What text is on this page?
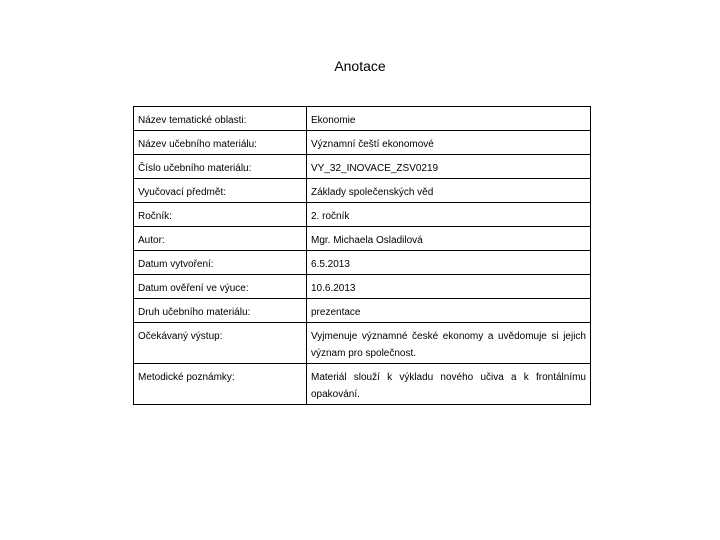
Anotace
Název tematické oblasti:	Ekonomie
Název učebního materiálu:	Významní čeští ekonomové
Číslo učebního materiálu:	VY_32_INOVACE_ZSV0219
Vyučovací předmět:	Základy společenských věd
Ročník:	2. ročník
Autor:	Mgr. Michaela Osladilová
Datum vytvoření:	6.5.2013
Datum ověření ve výuce:	10.6.2013
Druh učebního materiálu:	prezentace
Očekávaný výstup:	Vyjmenuje významné české ekonomy a uvědomuje si jejich význam pro společnost.
Metodické poznámky:	Materiál slouží k výkladu nového učiva a k frontálnímu opakování.
